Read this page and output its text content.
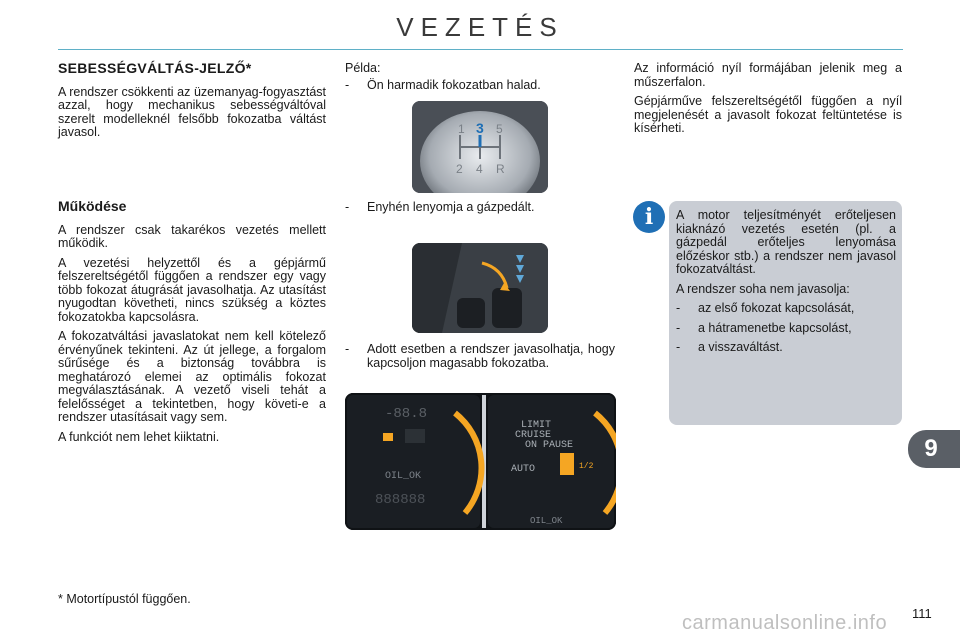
VEZETÉS
SEBESSÉGVÁLTÁS-JELZŐ*

A rendszer csökkenti az üzemanyag-fogyasztást azzal, hogy mechanikus sebességváltóval szerelt modelleknél felsőbb fokozatba váltást javasol.

Működése

A rendszer csak takarékos vezetés mellett működik.

A vezetési helyzettől és a gépjármű felszereltségétől függően a rendszer egy vagy több fokozat átugrását javasolhatja. Az utasítást nyugodtan követheti, nincs szükség a köztes fokozatokba kapcsolásra.

A fokozatváltási javaslatokat nem kell kötelező érvényűnek tekinteni. Az út jellege, a forgalom sűrűsége és a biztonság továbbra is meghatározó elemei az optimális fokozat megválasztásának. A vezető viseli tehát a felelősséget a tekintetben, hogy követi-e a rendszer utasításait vagy sem.

A funkciót nem lehet kiiktatni.

Példa:

-	Ön harmadik fokozatban halad.
1 3 5
2 4 R
-	Enyhén lenyomja a gázpedált.
-	Adott esetben a rendszer javasolhatja, hogy kapcsoljon magasabb fokozatba.
-88.8
OIL_OK
888888
LIMIT
CRUISE
ON PAUSE
AUTO	1/2
OIL_OK

Az információ nyíl formájában jelenik meg a műszerfalon.

Gépjárműve felszereltségétől függően a nyíl megjelenését a javasolt fokozat feltüntetése is kísérheti.

i	A motor teljesítményét erőteljesen kiaknázó vezetés esetén (pl. a gázpedál erőteljes lenyomása előzéskor stb.) a rendszer nem javasol fokozatváltást.

A rendszer soha nem javasolja:

-	az első fokozat kapcsolását,
-	a hátramenetbe kapcsolást,
-	a visszaváltást.
9
* Motortípustól függően.
carmanualsonline.info 111
